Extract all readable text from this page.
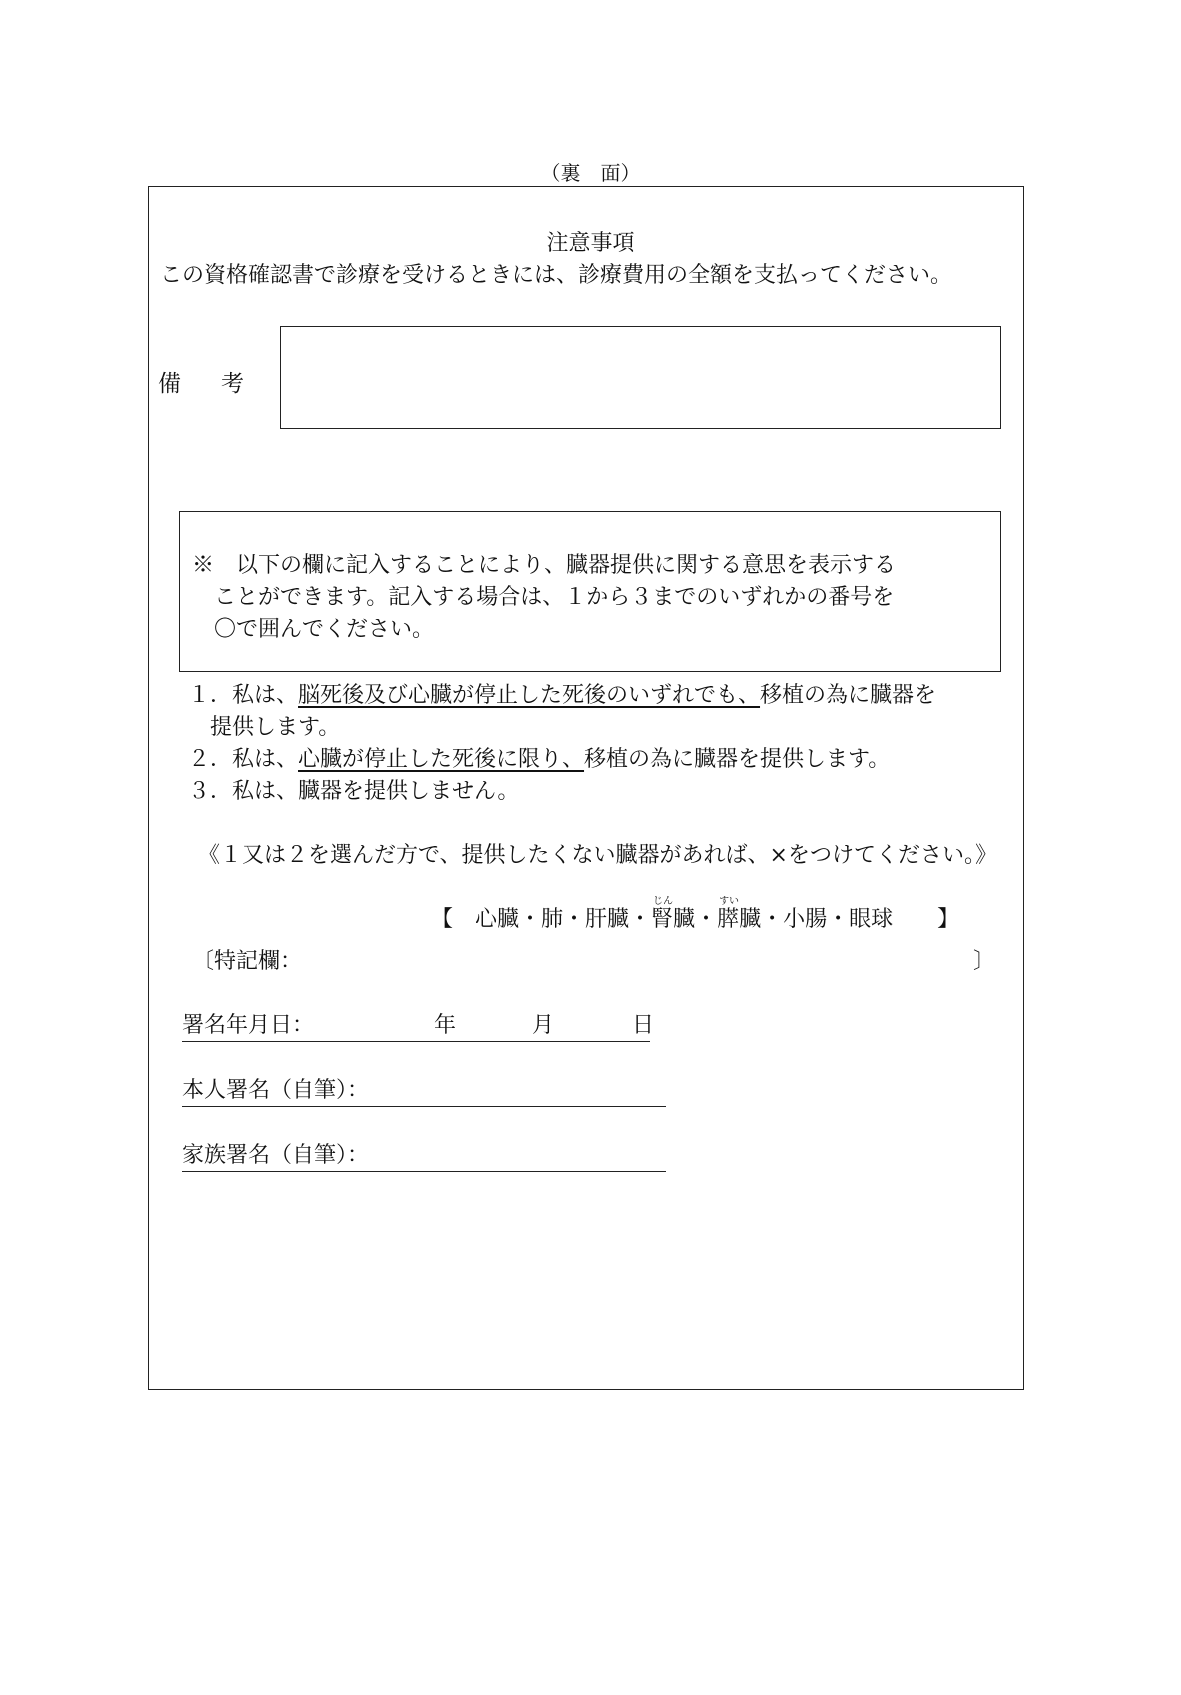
（裏　面）
注意事項
この資格確認書で診療を受けるときには、診療費用の全額を支払ってください。
備考
※　以下の欄に記入することにより、臓器提供に関する意思を表示する
ことができます。記入する場合は、１から３までのいずれかの番号を
〇で囲んでください。
１．私は、脳死後及び心臓が停止した死後のいずれでも、移植の為に臓器を
提供します。
２．私は、心臓が停止した死後に限り、移植の為に臓器を提供します。
３．私は、臓器を提供しません。
《１又は２を選んだ方で、提供したくない臓器があれば、×をつけてください。》
【 心臓・肺・肝臓・
じん
腎臓・
すい
膵臓・小腸・眼球 】
〔特記欄：	〕
署名年月日：	年	月	日
本人署名（自筆）：
家族署名（自筆）：
